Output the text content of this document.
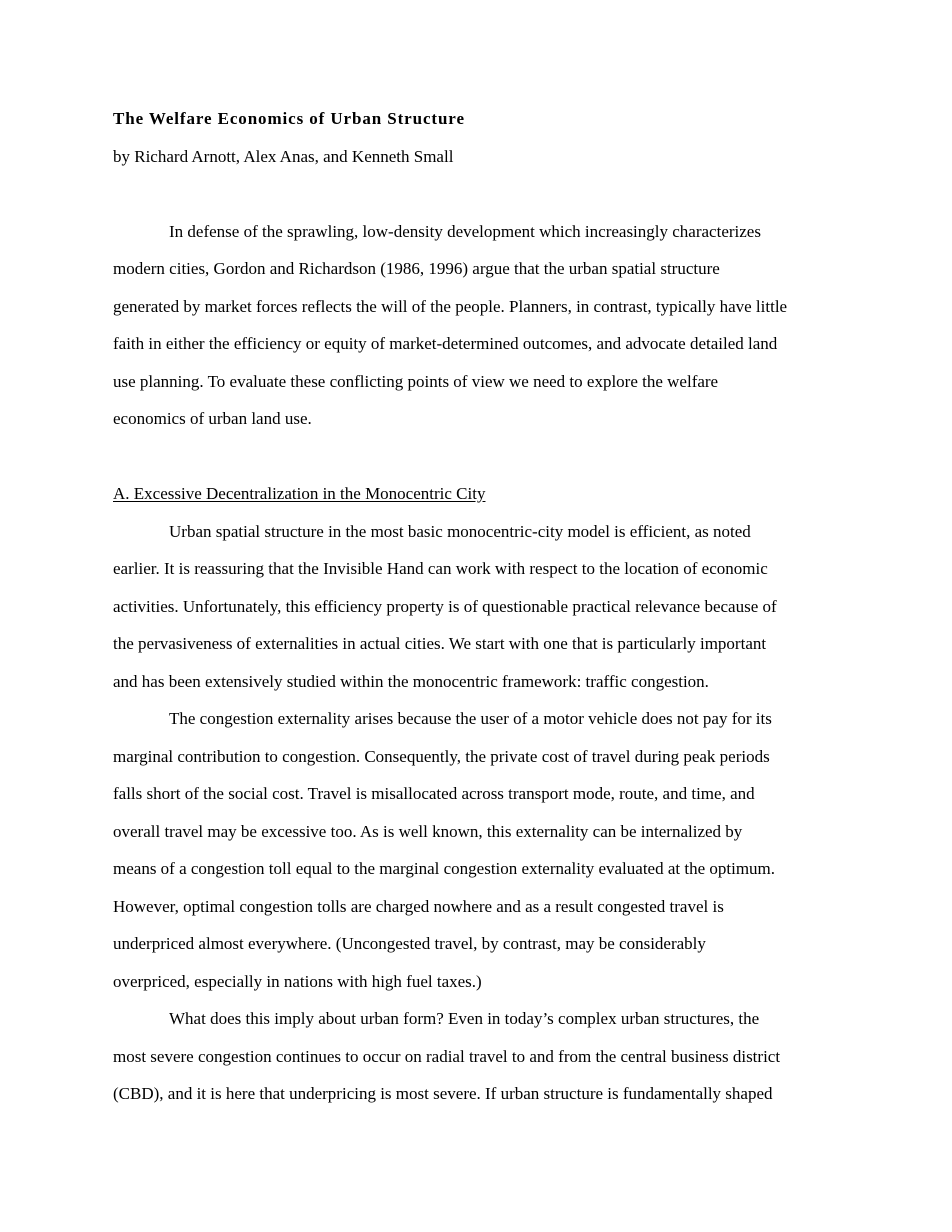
The Welfare Economics of Urban Structure

by Richard Arnott, Alex Anas, and Kenneth Small

In defense of the sprawling, low-density development which increasingly characterizes
modern cities, Gordon and Richardson (1986, 1996) argue that the urban spatial structure
generated by market forces reflects the will of the people. Planners, in contrast, typically have little
faith in either the efficiency or equity of market-determined outcomes, and advocate detailed land
use planning. To evaluate these conflicting points of view we need to explore the welfare
economics of urban land use.

A. Excessive Decentralization in the Monocentric City

Urban spatial structure in the most basic monocentric-city model is efficient, as noted
earlier. It is reassuring that the Invisible Hand can work with respect to the location of economic
activities. Unfortunately, this efficiency property is of questionable practical relevance because of
the pervasiveness of externalities in actual cities. We start with one that is particularly important
and has been extensively studied within the monocentric framework: traffic congestion.

The congestion externality arises because the user of a motor vehicle does not pay for its
marginal contribution to congestion. Consequently, the private cost of travel during peak periods
falls short of the social cost. Travel is misallocated across transport mode, route, and time, and
overall travel may be excessive too. As is well known, this externality can be internalized by
means of a congestion toll equal to the marginal congestion externality evaluated at the optimum.
However, optimal congestion tolls are charged nowhere and as a result congested travel is
underpriced almost everywhere. (Uncongested travel, by contrast, may be considerably
overpriced, especially in nations with high fuel taxes.)

What does this imply about urban form? Even in today’s complex urban structures, the
most severe congestion continues to occur on radial travel to and from the central business district
(CBD), and it is here that underpricing is most severe. If urban structure is fundamentally shaped
